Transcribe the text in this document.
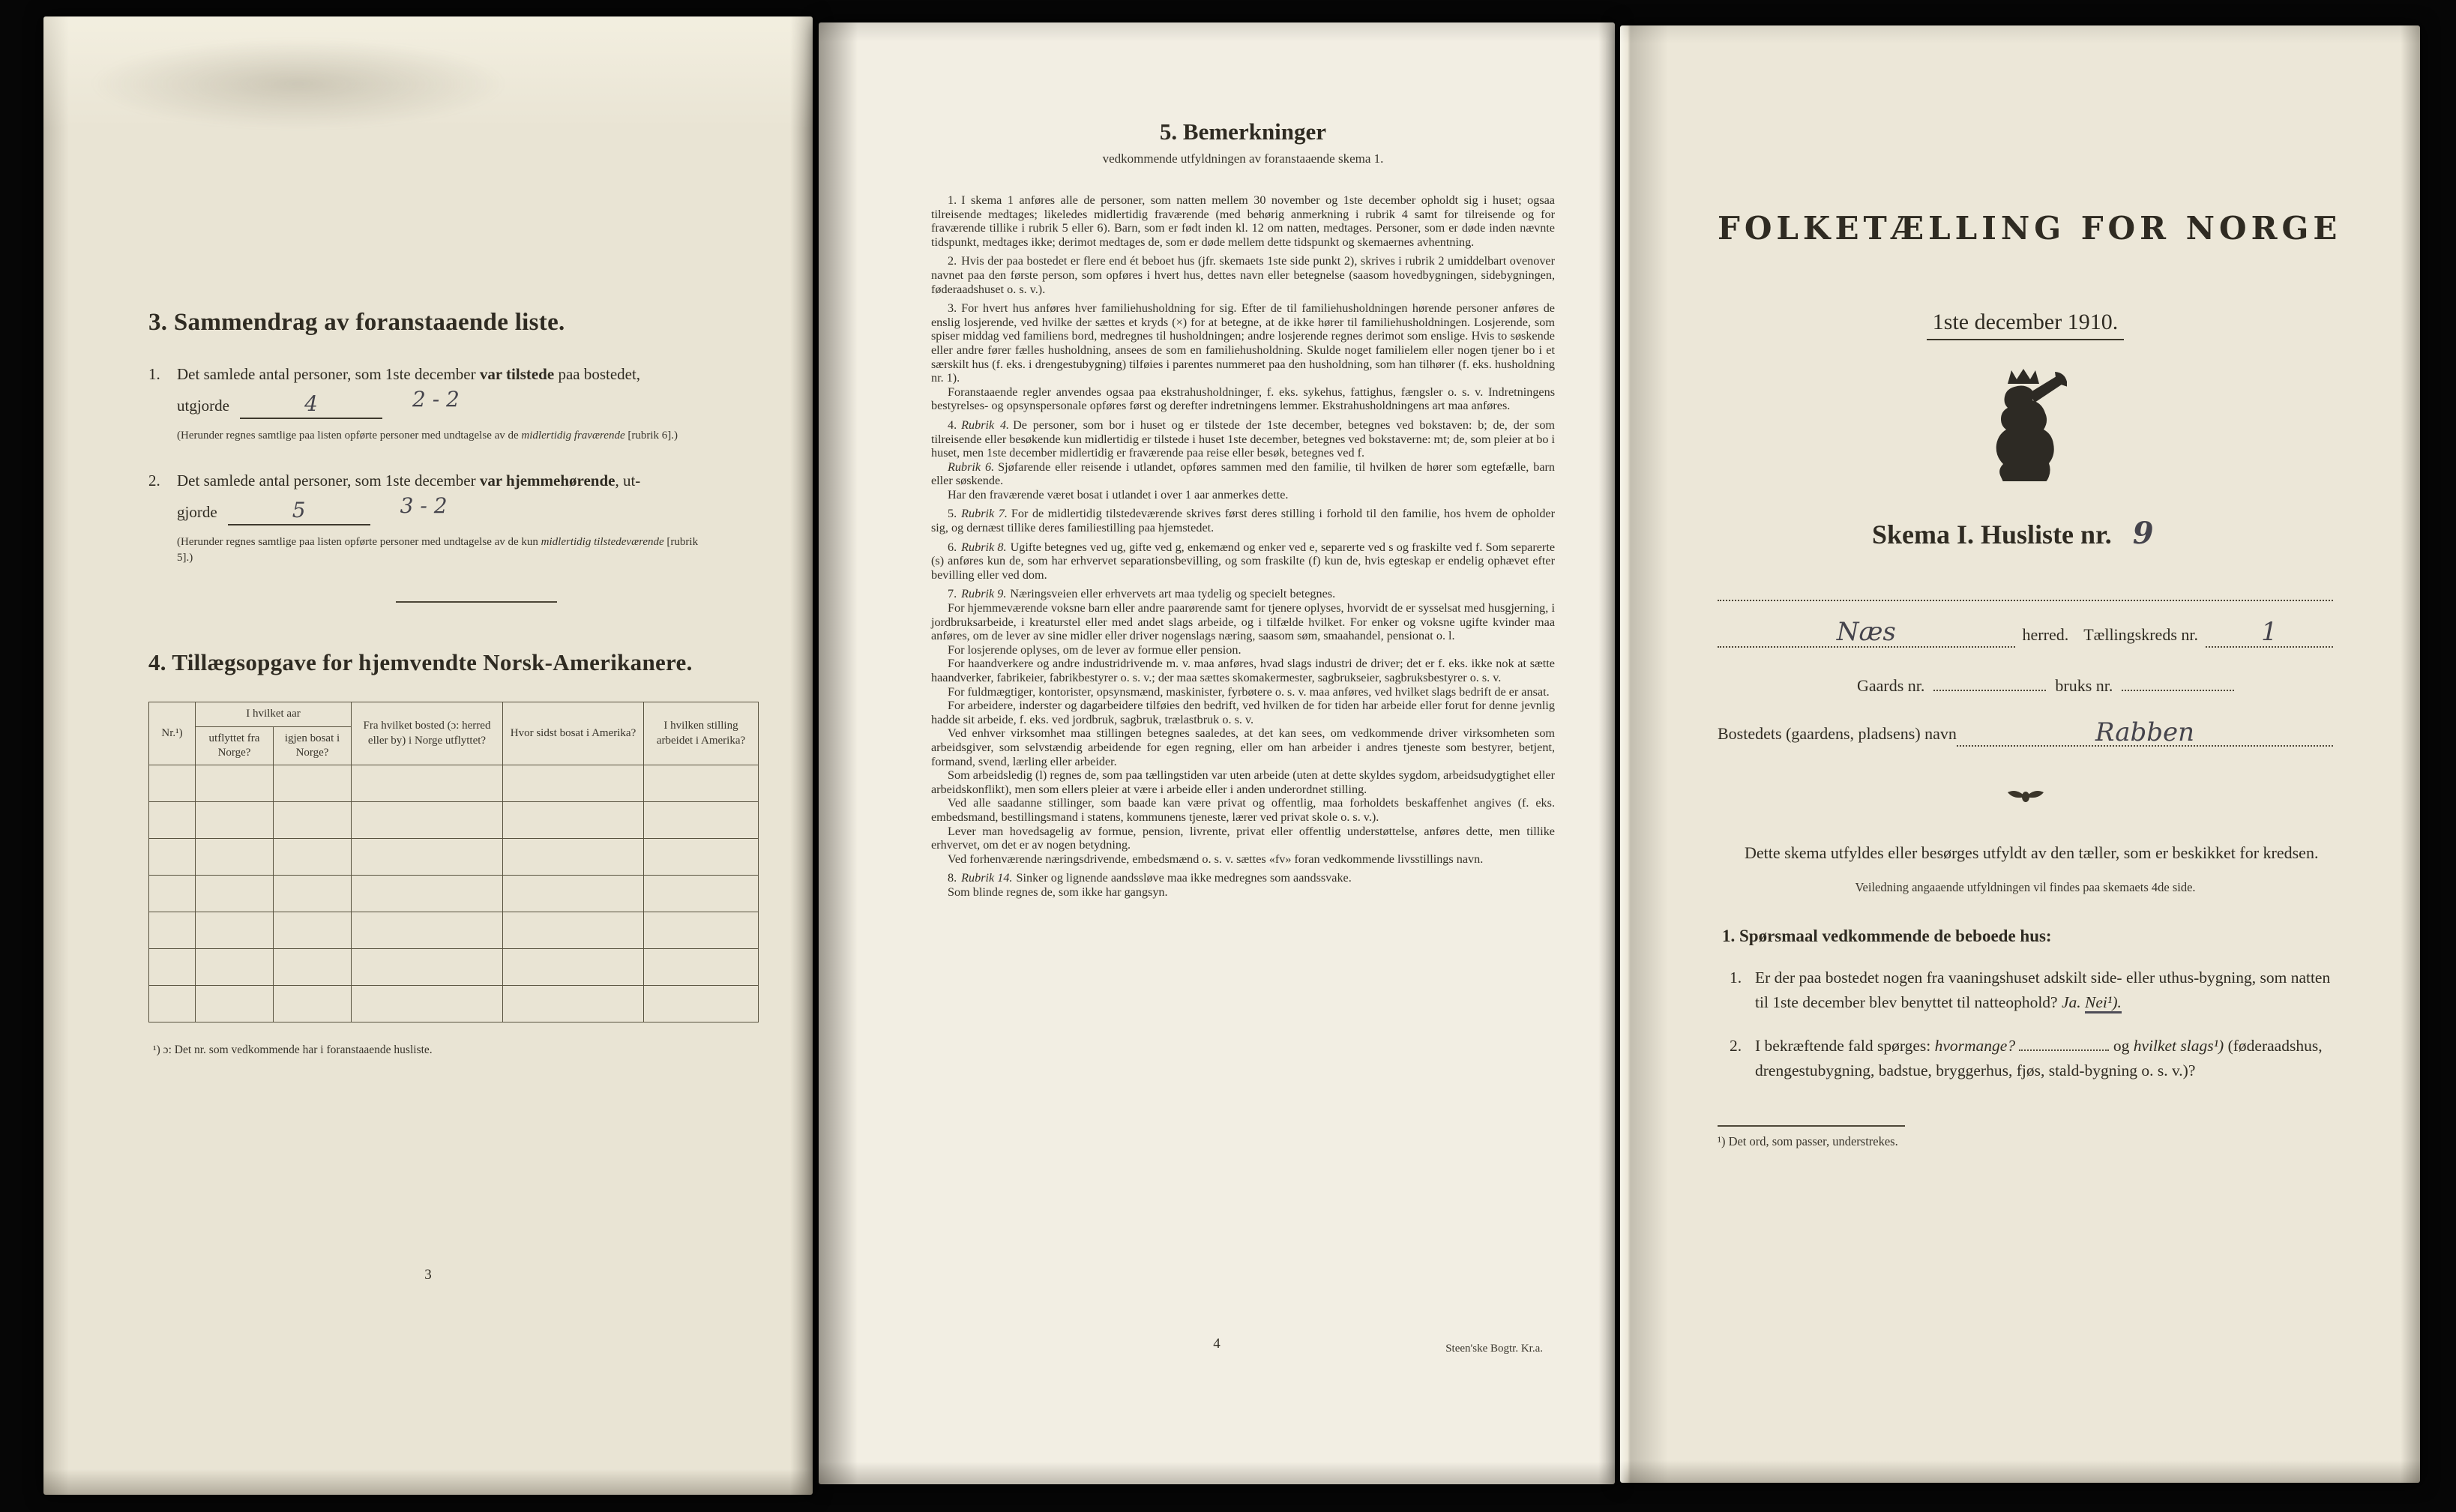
3. Sammendrag av foranstaaende liste.
1. Det samlede antal personer, som 1ste december var tilstede paa bostedet,

utgjorde	4	2 - 2

(Herunder regnes samtlige paa listen opførte personer med undtagelse av de midlertidig fraværende [rubrik 6].)

2. Det samlede antal personer, som 1ste december var hjemmehørende, ut-

gjorde	5	3 - 2

(Herunder regnes samtlige paa listen opførte personer med undtagelse av de kun midlertidig tilstedeværende [rubrik 5].)

4. Tillægsopgave for hjemvendte Norsk-Amerikanere.
Nr.¹)	I hvilket aar		Fra hvilket bosted (ɔ: herred eller by) i Norge utflyttet?	Hvor sidst bosat i Amerika?	I hvilken stilling arbeidet i Amerika?
	utflyttet fra Norge?	igjen bosat i Norge?			

¹) ɔ: Det nr. som vedkommende har i foranstaaende husliste.

3
5. Bemerkninger

vedkommende utfyldningen av foranstaaende skema 1.

1. I skema 1 anføres alle de personer, som natten mellem 30 november og 1ste december opholdt sig i huset; ogsaa tilreisende medtages; likeledes midlertidig fraværende (med behørig anmerkning i rubrik 4 samt for tilreisende og for fraværende tillike i rubrik 5 eller 6). Barn, som er født inden kl. 12 om natten, medtages. Personer, som er døde inden nævnte tidspunkt, medtages ikke; derimot medtages de, som er døde mellem dette tidspunkt og skemaernes avhentning.

2. Hvis der paa bostedet er flere end ét beboet hus (jfr. skemaets 1ste side punkt 2), skrives i rubrik 2 umiddelbart ovenover navnet paa den første person, som opføres i hvert hus, dettes navn eller betegnelse (saasom hovedbygningen, sidebygningen, føderaadshuset o. s. v.).

3. For hvert hus anføres hver familiehusholdning for sig. Efter de til familiehusholdningen hørende personer anføres de enslig losjerende, ved hvilke der sættes et kryds (×) for at betegne, at de ikke hører til familiehusholdningen. Losjerende, som spiser middag ved familiens bord, medregnes til husholdningen; andre losjerende regnes derimot som enslige. Hvis to søskende eller andre fører fælles husholdning, ansees de som en familiehusholdning. Skulde noget familielem eller nogen tjener bo i et særskilt hus (f. eks. i drengestubygning) tilføies i parentes nummeret paa den husholdning, som han tilhører (f. eks. husholdning nr. 1).

Foranstaaende regler anvendes ogsaa paa ekstrahusholdninger, f. eks. sykehus, fattighus, fængsler o. s. v. Indretningens bestyrelses- og opsynspersonale opføres først og derefter indretningens lemmer. Ekstrahusholdningens art maa anføres.

4. Rubrik 4. De personer, som bor i huset og er tilstede der 1ste december, betegnes ved bokstaven: b; de, der som tilreisende eller besøkende kun midlertidig er tilstede i huset 1ste december, betegnes ved bokstaverne: mt; de, som pleier at bo i huset, men 1ste december midlertidig er fraværende paa reise eller besøk, betegnes ved f.

Rubrik 6. Sjøfarende eller reisende i utlandet, opføres sammen med den familie, til hvilken de hører som egtefælle, barn eller søskende.

Har den fraværende været bosat i utlandet i over 1 aar anmerkes dette.

5. Rubrik 7. For de midlertidig tilstedeværende skrives først deres stilling i forhold til den familie, hos hvem de opholder sig, og dernæst tillike deres familiestilling paa hjemstedet.

6. Rubrik 8. Ugifte betegnes ved ug, gifte ved g, enkemænd og enker ved e, separerte ved s og fraskilte ved f. Som separerte (s) anføres kun de, som har erhvervet separationsbevilling, og som fraskilte (f) kun de, hvis egteskap er endelig ophævet efter bevilling eller ved dom.

7. Rubrik 9. Næringsveien eller erhvervets art maa tydelig og specielt betegnes.

For hjemmeværende voksne barn eller andre paarørende samt for tjenere oplyses, hvorvidt de er sysselsat med husgjerning, i jordbruksarbeide, i kreaturstel eller med andet slags arbeide, og i tilfælde hvilket. For enker og voksne ugifte kvinder maa anføres, om de lever av sine midler eller driver nogenslags næring, saasom søm, smaahandel, pensionat o. l.

For losjerende oplyses, om de lever av formue eller pension.

For haandverkere og andre industridrivende m. v. maa anføres, hvad slags industri de driver; det er f. eks. ikke nok at sætte haandverker, fabrikeier, fabrikbestyrer o. s. v.; der maa sættes skomakermester, sagbrukseier, sagbruksbestyrer o. s. v.

For fuldmægtiger, kontorister, opsynsmænd, maskinister, fyrbøtere o. s. v. maa anføres, ved hvilket slags bedrift de er ansat.

For arbeidere, inderster og dagarbeidere tilføies den bedrift, ved hvilken de for tiden har arbeide eller forut for denne jevnlig hadde sit arbeide, f. eks. ved jordbruk, sagbruk, trælastbruk o. s. v.

Ved enhver virksomhet maa stillingen betegnes saaledes, at det kan sees, om vedkommende driver virksomheten som arbeidsgiver, som selvstændig arbeidende for egen regning, eller om han arbeider i andres tjeneste som bestyrer, betjent, formand, svend, lærling eller arbeider.

Som arbeidsledig (l) regnes de, som paa tællingstiden var uten arbeide (uten at dette skyldes sygdom, arbeidsudygtighet eller arbeidskonflikt), men som ellers pleier at være i arbeide eller i anden underordnet stilling.

Ved alle saadanne stillinger, som baade kan være privat og offentlig, maa forholdets beskaffenhet angives (f. eks. embedsmand, bestillingsmand i statens, kommunens tjeneste, lærer ved privat skole o. s. v.).

Lever man hovedsagelig av formue, pension, livrente, privat eller offentlig understøttelse, anføres dette, men tillike erhvervet, om det er av nogen betydning.

Ved forhenværende næringsdrivende, embedsmænd o. s. v. sættes «fv» foran vedkommende livsstillings navn.

8. Rubrik 14. Sinker og lignende aandssløve maa ikke medregnes som aandssvake.

Som blinde regnes de, som ikke har gangsyn.

4	Steen'ske Bogtr. Kr.a.
FOLKETÆLLING FOR NORGE
1ste december 1910.
Skema I. Husliste nr. 9
Næs	herred. Tællingskreds nr.	1
Gaards nr.	bruks nr.
Bostedets (gaardens, pladsens) navn	Rabben

Dette skema utfyldes eller besørges utfyldt av den tæller, som er beskikket for kredsen.

Veiledning angaaende utfyldningen vil findes paa skemaets 4de side.

1. Spørsmaal vedkommende de beboede hus:
1. Er der paa bostedet nogen fra vaaningshuset adskilt side- eller uthus-bygning, som natten til 1ste december blev benyttet til natteophold? Ja. Nei¹).

2. I bekræftende fald spørges: hvormange?	og hvilket slags¹) (føderaadshus, drengestubygning, badstue, bryggerhus, fjøs, stald-bygning o. s. v.)?

¹) Det ord, som passer, understrekes.
